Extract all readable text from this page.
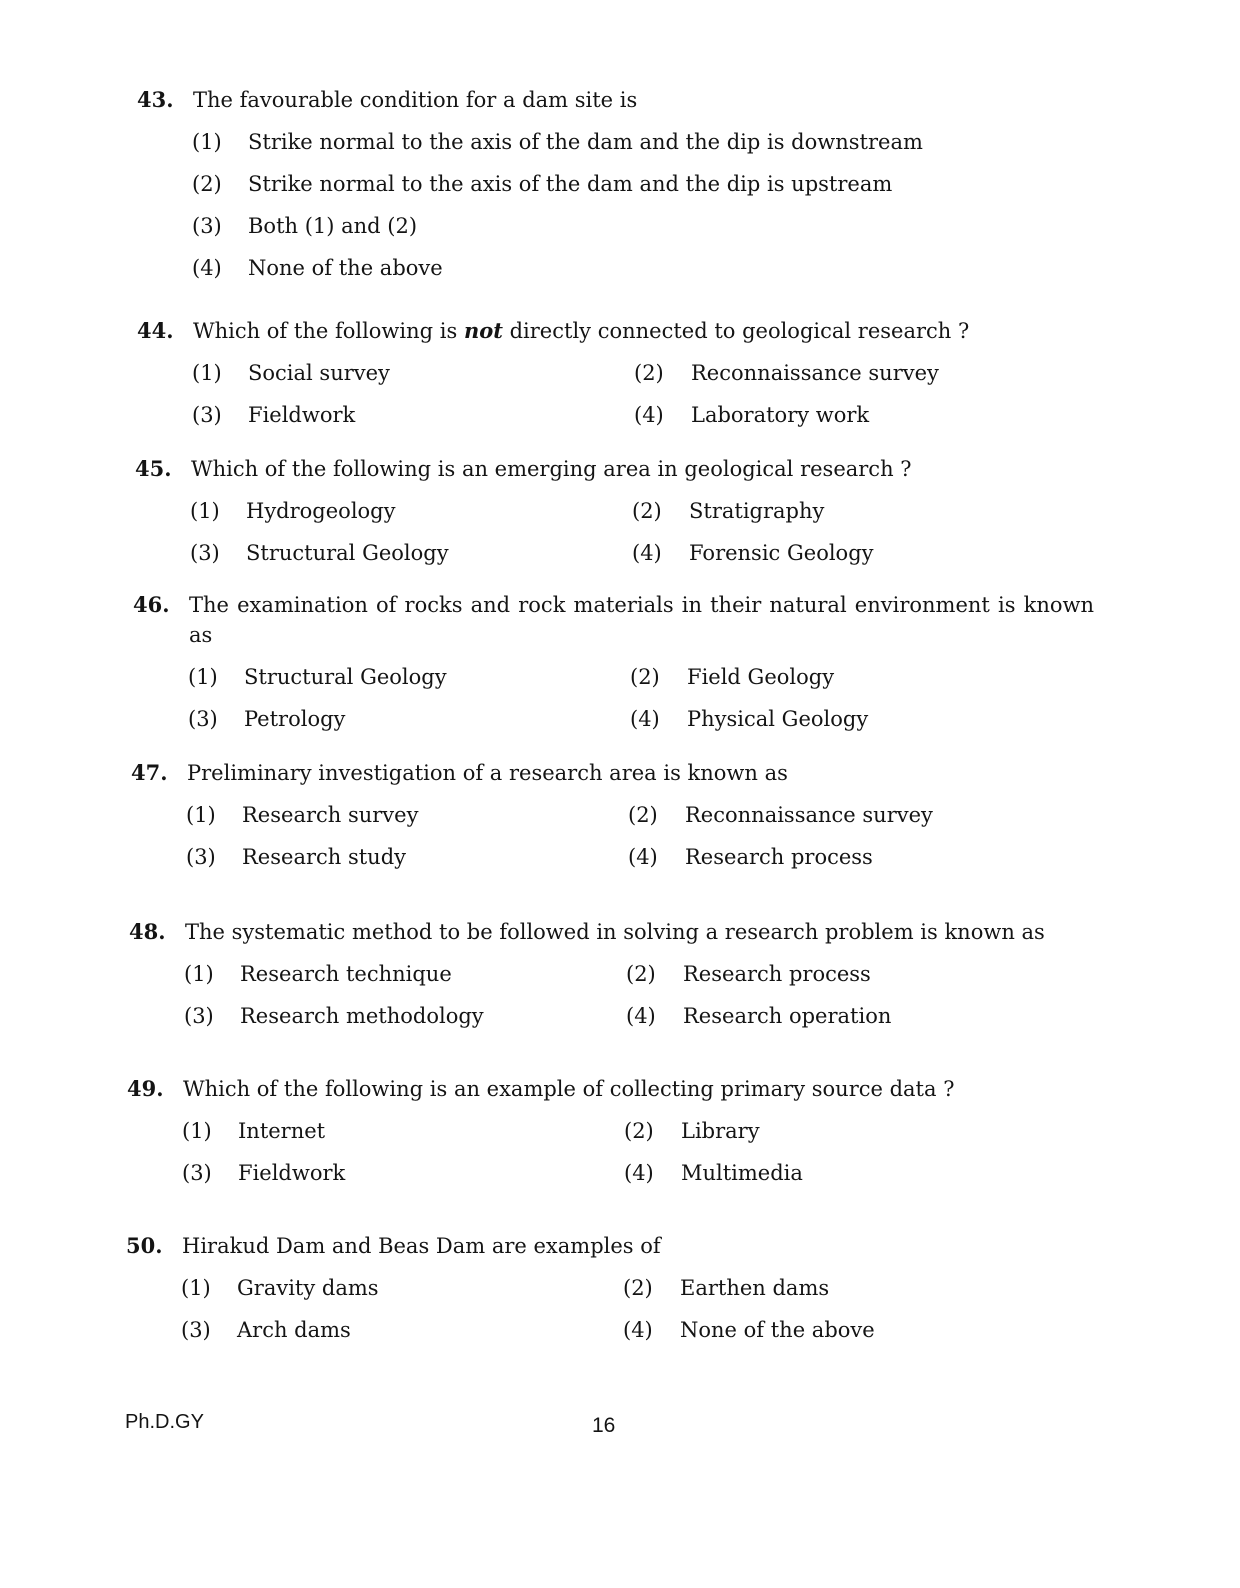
43. The favourable condition for a dam site is
(1) Strike normal to the axis of the dam and the dip is downstream
(2) Strike normal to the axis of the dam and the dip is upstream
(3) Both (1) and (2)
(4) None of the above
44. Which of the following is not directly connected to geological research ?
(1) Social survey	(2) Reconnaissance survey
(3) Fieldwork	(4) Laboratory work
45. Which of the following is an emerging area in geological research ?
(1) Hydrogeology	(2) Stratigraphy
(3) Structural Geology	(4) Forensic Geology
46. The examination of rocks and rock materials in their natural environment is known as
(1) Structural Geology	(2) Field Geology
(3) Petrology	(4) Physical Geology
47. Preliminary investigation of a research area is known as
(1) Research survey	(2) Reconnaissance survey
(3) Research study	(4) Research process
48. The systematic method to be followed in solving a research problem is known as
(1) Research technique	(2) Research process
(3) Research methodology	(4) Research operation
49. Which of the following is an example of collecting primary source data ?
(1) Internet	(2) Library
(3) Fieldwork	(4) Multimedia
50. Hirakud Dam and Beas Dam are examples of
(1) Gravity dams	(2) Earthen dams
(3) Arch dams	(4) None of the above
Ph.D.GY	16
